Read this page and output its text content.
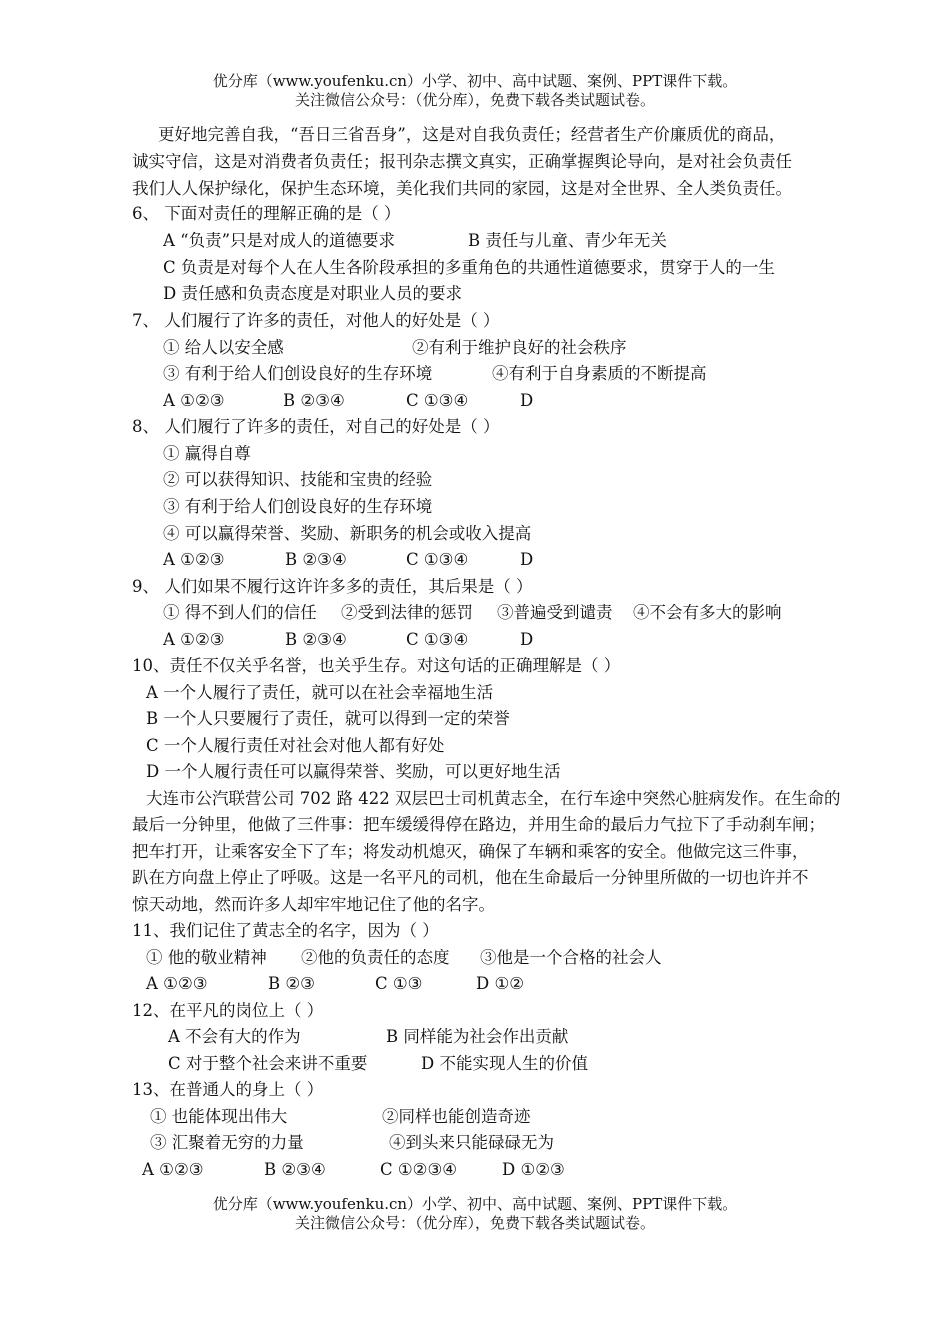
优分库（www.youfenku.cn）小学、初中、高中试题、案例、PPT课件下载。
关注微信公众号：（优分库），免费下载各类试题试卷。
更好地完善自我，“吾日三省吾身”，这是对自我负责任；经营者生产价廉质优的商品，
诚实守信，这是对消费者负责任；报刊杂志撰文真实，正确掌握舆论导向，是对社会负责任
我们人人保护绿化，保护生态环境，美化我们共同的家园，这是对全世界、全人类负责任。
6、 下面对责任的理解正确的是（ ）
A “负责”只是对成人的道德要求	B 责任与儿童、青少年无关
C 负责是对每个人在人生各阶段承担的多重角色的共通性道德要求，贯穿于人的一生
D 责任感和负责态度是对职业人员的要求
7、 人们履行了许多的责任，对他人的好处是（ ）
① 给人以安全感	②有利于维护良好的社会秩序
③ 有利于给人们创设良好的生存环境	④有利于自身素质的不断提高
A ①②③	B ②③④	C ①③④	D
8、 人们履行了许多的责任，对自己的好处是（ ）
① 赢得自尊
② 可以获得知识、技能和宝贵的经验
③ 有利于给人们创设良好的生存环境
④ 可以赢得荣誉、奖励、新职务的机会或收入提高
A ①②③	B ②③④	C ①③④	D
9、 人们如果不履行这许许多多的责任，其后果是（ ）
① 得不到人们的信任 ②受到法律的惩罚 ③普遍受到谴责 ④不会有多大的影响
A ①②③	B ②③④	C ①③④	D
10、责任不仅关乎名誉，也关乎生存。对这句话的正确理解是（ ）
A 一个人履行了责任，就可以在社会幸福地生活
B 一个人只要履行了责任，就可以得到一定的荣誉
C 一个人履行责任对社会对他人都有好处
D 一个人履行责任可以赢得荣誉、奖励，可以更好地生活
大连市公汽联营公司 702 路 422 双层巴士司机黄志全，在行车途中突然心脏病发作。在生命的
最后一分钟里，他做了三件事：把车缓缓得停在路边，并用生命的最后力气拉下了手动刹车闸；
把车打开，让乘客安全下了车；将发动机熄灭，确保了车辆和乘客的安全。他做完这三件事，
趴在方向盘上停止了呼吸。这是一名平凡的司机，他在生命最后一分钟里所做的一切也许并不
惊天动地，然而许多人却牢牢地记住了他的名字。
11、我们记住了黄志全的名字，因为（ ）
① 他的敬业精神 ②他的负责任的态度 ③他是一个合格的社会人
A ①②③	B ②③	C ①③	D ①②
12、在平凡的岗位上（ ）
A 不会有大的作为	B 同样能为社会作出贡献
C 对于整个社会来讲不重要	D 不能实现人生的价值
13、在普通人的身上（ ）
① 也能体现出伟大	②同样也能创造奇迹
③ 汇聚着无穷的力量	④到头来只能碌碌无为
A ①②③	B ②③④	C ①②③④	D ①②③
优分库（www.youfenku.cn）小学、初中、高中试题、案例、PPT课件下载。
关注微信公众号：（优分库），免费下载各类试题试卷。
